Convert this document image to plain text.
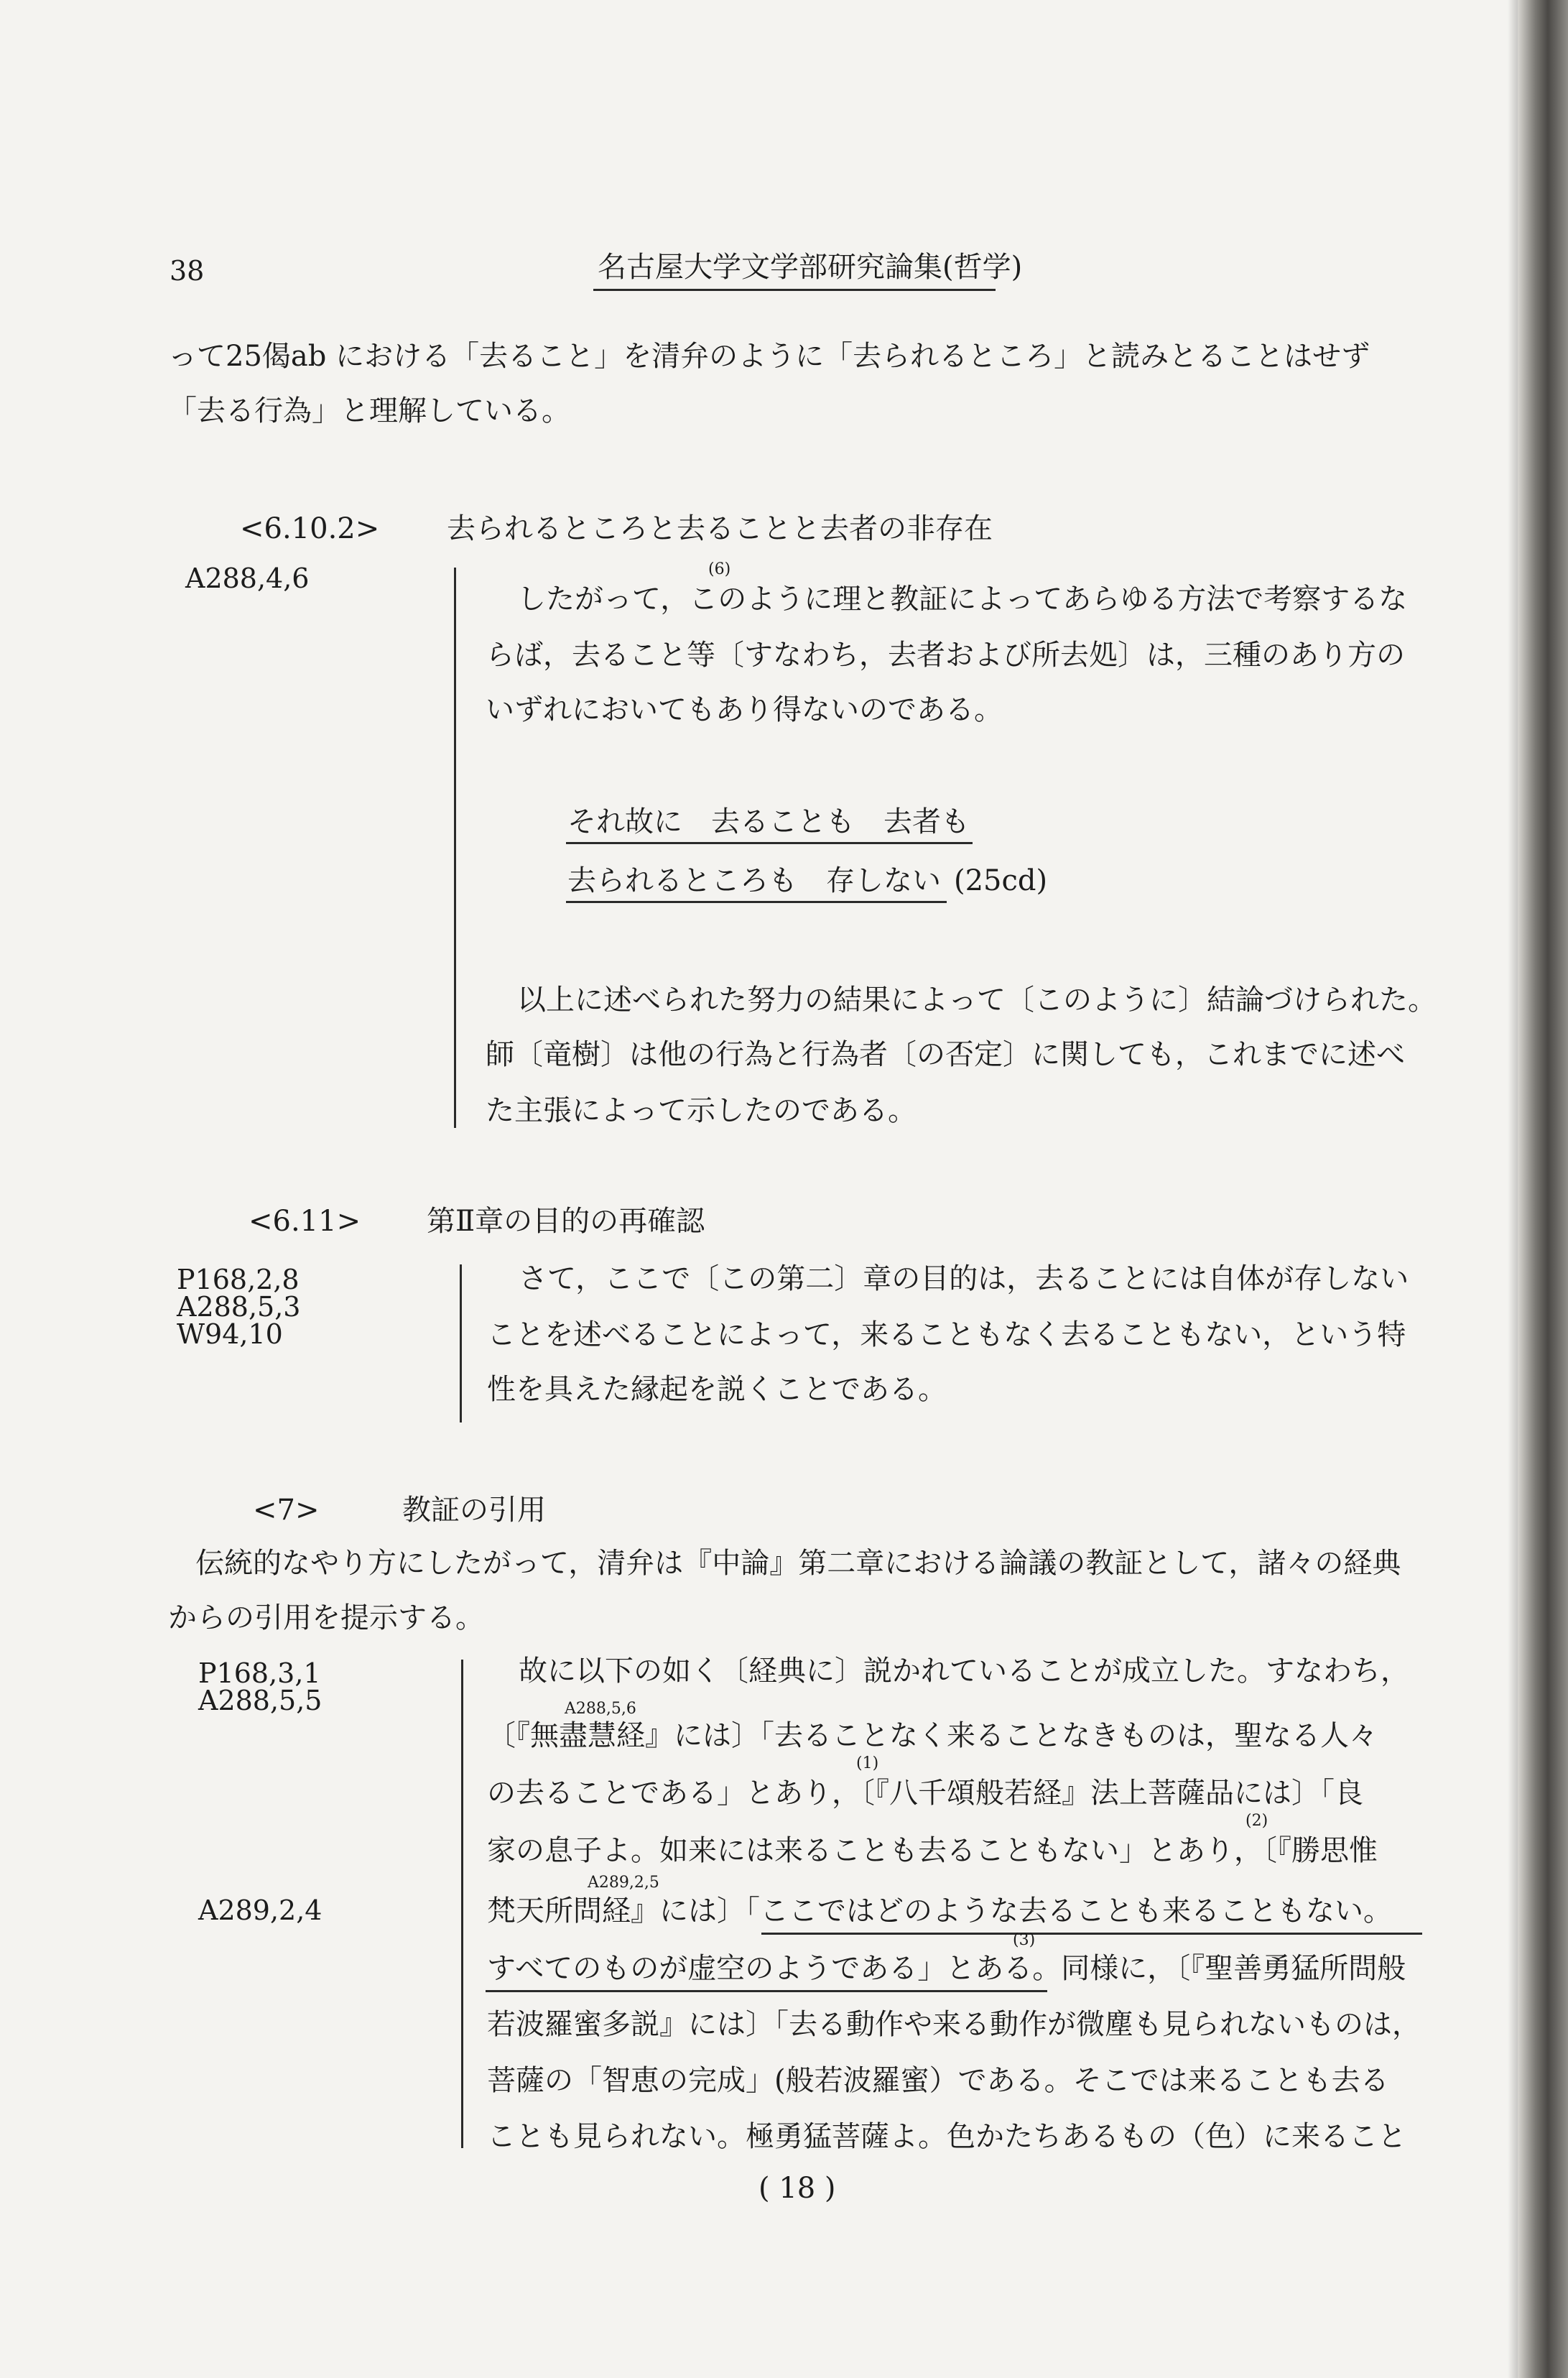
38	名古屋大学文学部研究論集(哲学)
って25偈ab における「去ること」を清弁のように「去られるところ」と読みとることはせず
「去る行為」と理解している。
<6.10.2> 去られるところと去ることと去者の非存在
A288,4,6	(6)
したがって，このように理と教証によってあらゆる方法で考察するな
らば，去ること等〔すなわち，去者および所去処〕は，三種のあり方の
いずれにおいてもあり得ないのである。
それ故に　去ることも　去者も
去られるところも　存しない (25cd)
以上に述べられた努力の結果によって〔このように〕結論づけられた。
師〔竜樹〕は他の行為と行為者〔の否定〕に関しても，これまでに述べ
た主張によって示したのである。
<6.11> 第Ⅱ章の目的の再確認
P168,2,8
A288,5,3
W94,10
さて，ここで〔この第二〕章の目的は，去ることには自体が存しない
ことを述べることによって，来ることもなく去ることもない，という特
性を具えた縁起を説くことである。
<7>	教証の引用
伝統的なやり方にしたがって，清弁は『中論』第二章における論議の教証として，諸々の経典
からの引用を提示する。
P168,3,1
A288,5,5
A289,2,4
故に以下の如く〔経典に〕説かれていることが成立した。すなわち，
A288,5,6
〔『無盡慧経』には〕「去ることなく来ることなきものは，聖なる人々
(1)
の去ることである」とあり，〔『八千頌般若経』法上菩薩品には〕「良
(2)
家の息子よ。如来には来ることも去ることもない」とあり，〔『勝思惟
A289,2,5
梵天所問経』には〕「ここではどのような去ることも来ることもない。
(3)
すべてのものが虚空のようである」とある。同様に，〔『聖善勇猛所問般
若波羅蜜多説』には〕「去る動作や来る動作が微塵も見られないものは，
菩薩の「智恵の完成」(般若波羅蜜）である。そこでは来ることも去る
ことも見られない。極勇猛菩薩よ。色かたちあるもの（色）に来ること
( 18 )
